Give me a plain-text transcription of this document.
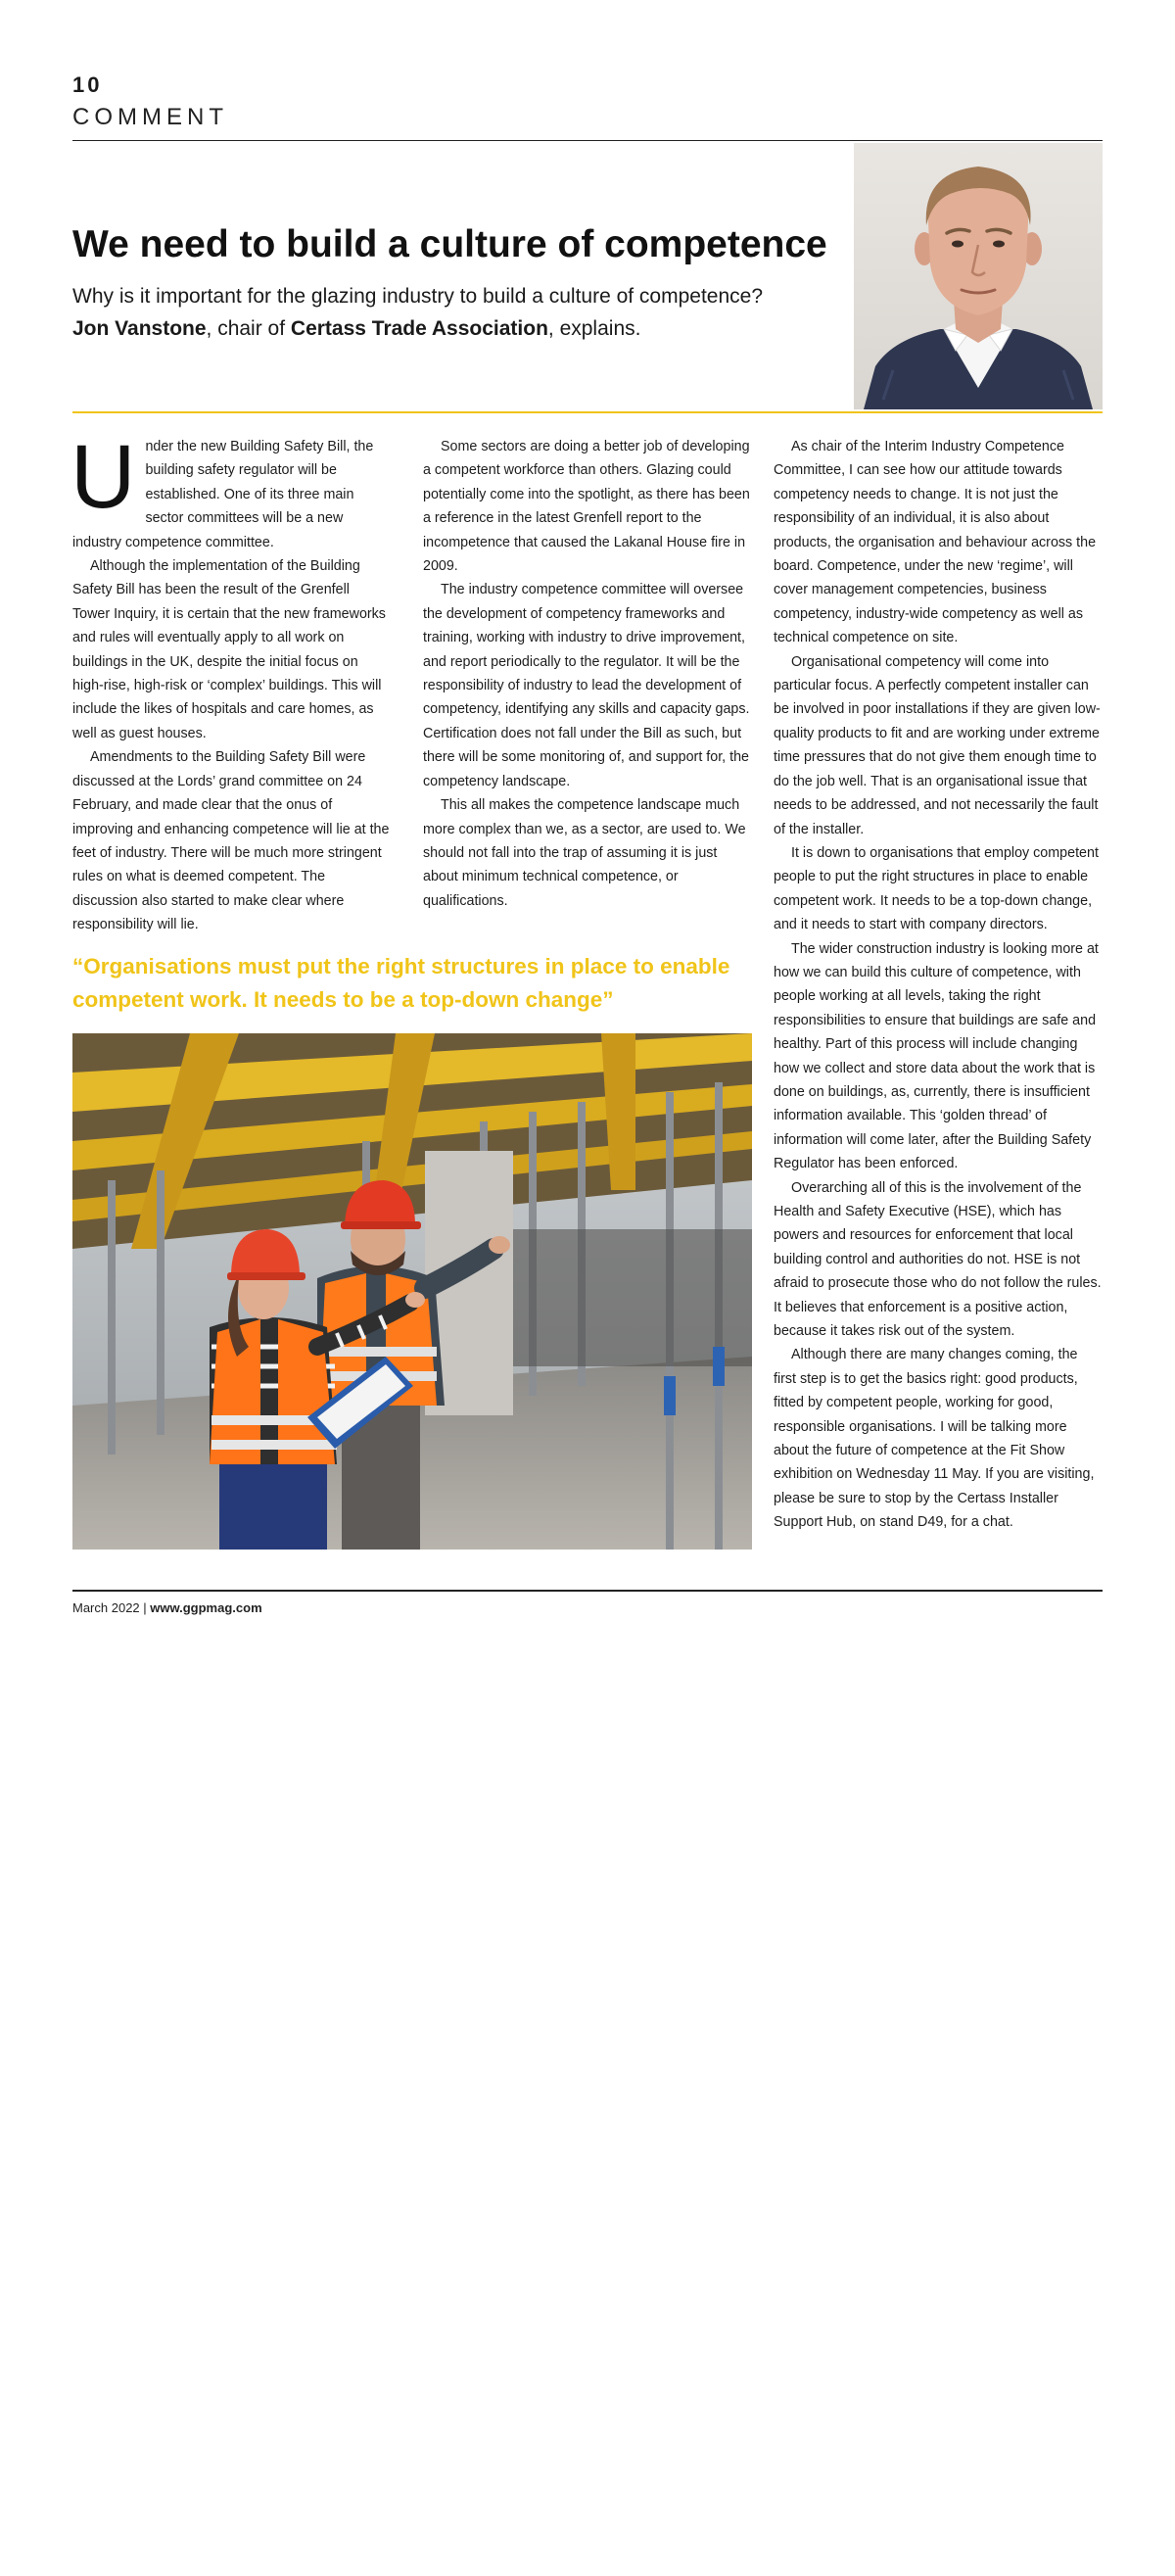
10
COMMENT
We need to build a culture of competence

Why is it important for the glazing industry to build a culture of competence?
Jon Vanstone, chair of Certass Trade Association, explains.

Under the new Building Safety Bill, the building safety regulator will be established. One of its three main sector committees will be a new industry competence committee.

Although the implementation of the Building Safety Bill has been the result of the Grenfell Tower Inquiry, it is certain that the new frameworks and rules will eventually apply to all work on buildings in the UK, despite the initial focus on high-rise, high-risk or ‘complex’ buildings. This will include the likes of hospitals and care homes, as well as guest houses.

Amendments to the Building Safety Bill were discussed at the Lords’ grand committee on 24 February, and made clear that the onus of improving and enhancing competence will lie at the feet of industry. There will be much more stringent rules on what is deemed competent. The discussion also started to make clear where responsibility will lie.

Some sectors are doing a better job of developing a competent workforce than others. Glazing could potentially come into the spotlight, as there has been a reference in the latest Grenfell report to the incompetence that caused the Lakanal House fire in 2009.

The industry competence committee will oversee the development of competency frameworks and training, working with industry to drive improvement, and report periodically to the regulator. It will be the responsibility of industry to lead the development of competency, identifying any skills and capacity gaps. Certification does not fall under the Bill as such, but there will be some monitoring of, and support for, the competency landscape.

This all makes the competence landscape much more complex than we, as a sector, are used to. We should not fall into the trap of assuming it is just about minimum technical competence, or qualifications.

As chair of the Interim Industry Competence Committee, I can see how our attitude towards competency needs to change. It is not just the responsibility of an individual, it is also about products, the organisation and behaviour across the board. Competence, under the new ‘regime’, will cover management competencies, business competency, industry-wide competency as well as technical competence on site.

Organisational competency will come into particular focus. A perfectly competent installer can be involved in poor installations if they are given low-quality products to fit and are working under extreme time pressures that do not give them enough time to do the job well. That is an organisational issue that needs to be addressed, and not necessarily the fault of the installer.

It is down to organisations that employ competent people to put the right structures in place to enable competent work. It needs to be a top-down change, and it needs to start with company directors.

The wider construction industry is looking more at how we can build this culture of competence, with people working at all levels, taking the right responsibilities to ensure that buildings are safe and healthy. Part of this process will include changing how we collect and store data about the work that is done on buildings, as, currently, there is insufficient information available. This ‘golden thread’ of information will come later, after the Building Safety Regulator has been enforced.

Overarching all of this is the involvement of the Health and Safety Executive (HSE), which has powers and resources for enforcement that local building control and authorities do not. HSE is not afraid to prosecute those who do not follow the rules. It believes that enforcement is a positive action, because it takes risk out of the system.

Although there are many changes coming, the first step is to get the basics right: good products, fitted by competent people, working for good, responsible organisations. I will be talking more about the future of competence at the Fit Show exhibition on Wednesday 11 May. If you are visiting, please be sure to stop by the Certass Installer Support Hub, on stand D49, for a chat.

“Organisations must put the right structures in place to enable competent work. It needs to be a top-down change”

© Robert Kneschke.stock-adobe.com
March 2022 | www.ggpmag.com
